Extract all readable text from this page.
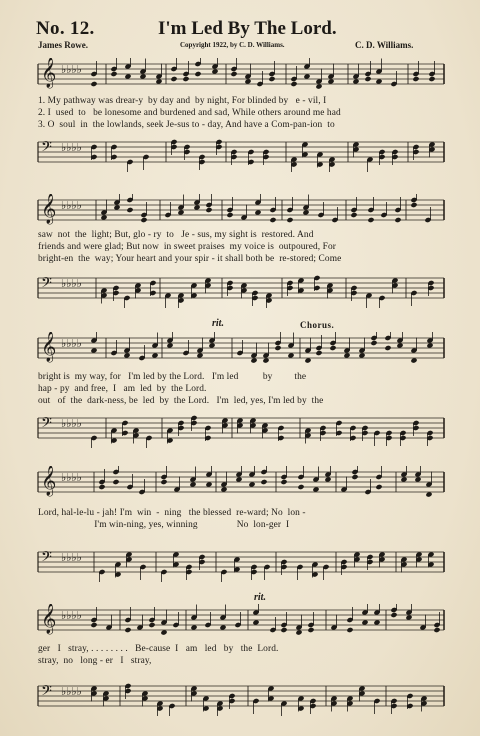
No. 12.	I'm Led By The Lord.
James Rowe.	Copyright 1922, by C. D. Williams.	C. D. Williams.
𝄞 ♭♭♭♭
𝄢 ♭♭♭♭
1. My pathway was drear-y  by day and  by night, For blinded by   e - vil, I
2. I  used  to   be lonesome and burdened and sad, While others around me had
3. O  soul  in  the lowlands, seek Je-sus to - day, And have a Com-pan-ion  to
𝄞 ♭♭♭♭
𝄢 ♭♭♭♭
saw  not  the  light; But, glo - ry  to   Je - sus, my sight is  restored. And
friends and were glad; But now  in sweet praises  my voice is  outpoured, For
bright-en  the  way; Your heart and your spir - it shall both be  re-stored; Come
rit.	Chorus.
𝄞 ♭♭♭♭
𝄢 ♭♭♭♭
bright is  my way, for   I'm led by the Lord.   I'm led          by         the
hap - py  and free,  I   am  led  by  the Lord.
out   of  the  dark-ness, be  led  by  the Lord.   I'm  led, yes, I'm led by  the
𝄞 ♭♭♭♭
𝄢 ♭♭♭♭
Lord, hal-le-lu - jah! I'm  win  -  ning   the blessed  re-ward; No  lon -
I'm win-ning, yes, winning                No  lon-ger  I
rit.
𝄞 ♭♭♭♭
𝄢 ♭♭♭♭
ger   I   stray, . . . . . . . .   Be-cause  I   am   led   by   the  Lord.
stray,  no   long - er   I   stray,
